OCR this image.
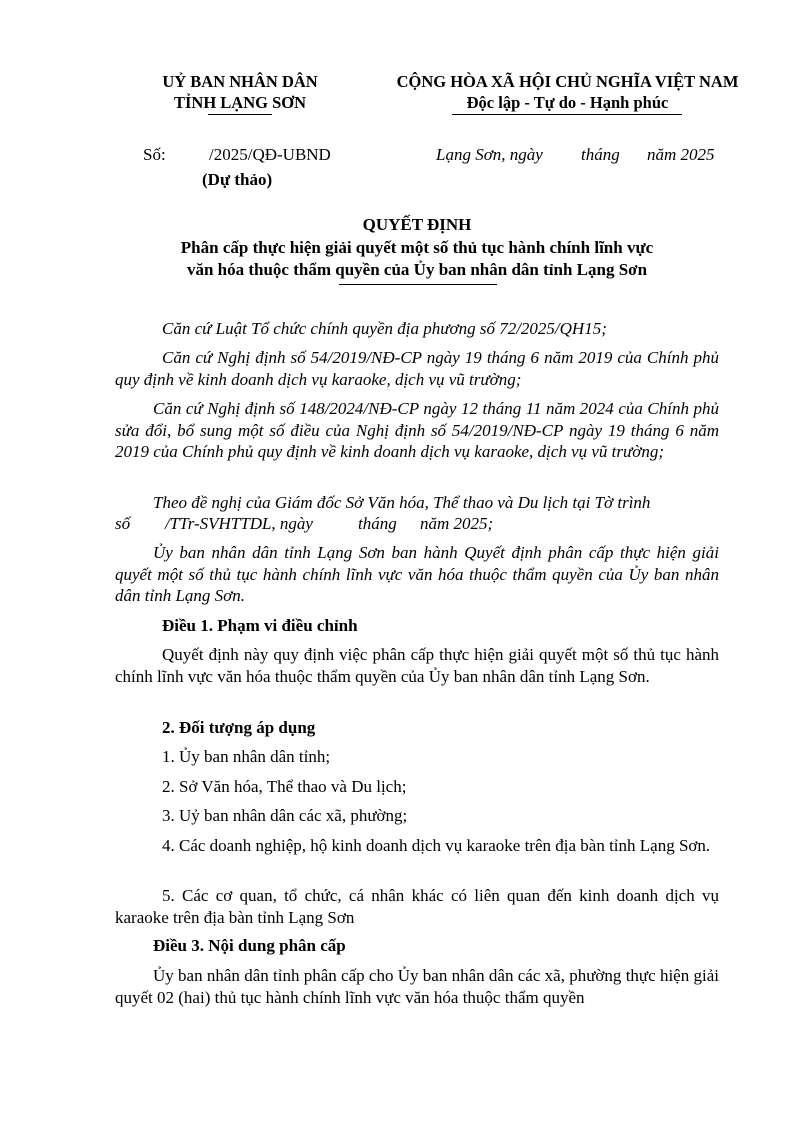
UỶ BAN NHÂN DÂN
TỈNH LẠNG SƠN
CỘNG HÒA XÃ HỘI CHỦ NGHĨA VIỆT NAM
Độc lập - Tự do - Hạnh phúc
Số:	/2025/QĐ-UBND
(Dự thảo)
Lạng Sơn, ngày tháng năm 2025
QUYẾT ĐỊNH
Phân cấp thực hiện giải quyết một số thủ tục hành chính lĩnh vực
văn hóa thuộc thẩm quyền của Ủy ban nhân dân tỉnh Lạng Sơn
Căn cứ Luật Tổ chức chính quyền địa phương số 72/2025/QH15;
Căn cứ Nghị định số 54/2019/NĐ-CP ngày 19 tháng 6 năm 2019 của Chính phủ quy định về kinh doanh dịch vụ karaoke, dịch vụ vũ trường;
Căn cứ Nghị định số 148/2024/NĐ-CP ngày 12 tháng 11 năm 2024 của Chính phủ sửa đổi, bổ sung một số điều của Nghị định số 54/2019/NĐ-CP ngày 19 tháng 6 năm 2019 của Chính phủ quy định về kinh doanh dịch vụ karaoke, dịch vụ vũ trường;
Theo đề nghị của Giám đốc Sở Văn hóa, Thể thao và Du lịch tại Tờ trình
số /TTr-SVHTTDL, ngày	tháng năm 2025;
Ủy ban nhân dân tỉnh Lạng Sơn ban hành Quyết định phân cấp thực hiện giải quyết một số thủ tục hành chính lĩnh vực văn hóa thuộc thẩm quyền của Ủy ban nhân dân tỉnh Lạng Sơn.
Điều 1. Phạm vi điều chỉnh
Quyết định này quy định việc phân cấp thực hiện giải quyết một số thủ tục hành chính lĩnh vực văn hóa thuộc thẩm quyền của Ủy ban nhân dân tỉnh Lạng Sơn.
2. Đối tượng áp dụng
1. Ủy ban nhân dân tỉnh;
2. Sở Văn hóa, Thể thao và Du lịch;
3. Uỷ ban nhân dân các xã, phường;
4. Các doanh nghiệp, hộ kinh doanh dịch vụ karaoke trên địa bàn tỉnh Lạng Sơn.
5. Các cơ quan, tổ chức, cá nhân khác có liên quan đến kinh doanh dịch vụ karaoke trên địa bàn tỉnh Lạng Sơn
Điều 3. Nội dung phân cấp
Ủy ban nhân dân tỉnh phân cấp cho Ủy ban nhân dân các xã, phường thực hiện giải quyết 02 (hai) thủ tục hành chính lĩnh vực văn hóa thuộc thẩm quyền
